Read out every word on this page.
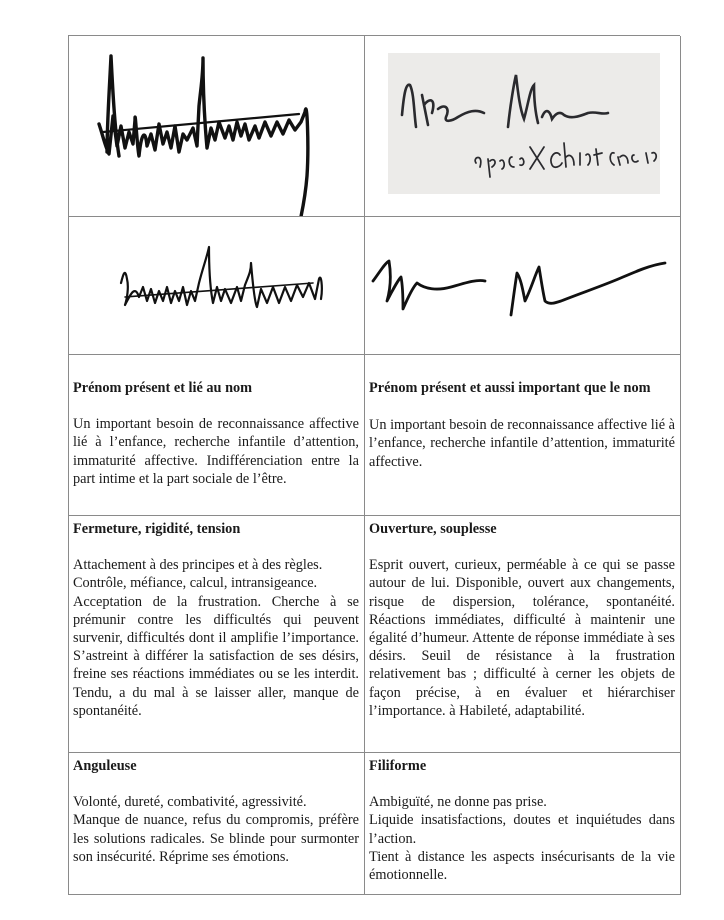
SpaceX Chief Engineer
Prénom présent et lié au nom

Un important besoin de reconnaissance affective lié à l’enfance, recherche infantile d’attention, immaturité affective. Indifférenciation entre la part intime et la part sociale de l’être.

Prénom présent et aussi important que le nom

Un important besoin de reconnaissance affective lié à l’enfance, recherche infantile d’attention, immaturité affective.

Fermeture, rigidité, tension

Attachement à des principes et à des règles.

Contrôle, méfiance, calcul, intransigeance.

Acceptation de la frustration. Cherche à se prémunir contre les difficultés qui peuvent survenir, difficultés dont il amplifie l’importance. S’astreint à différer la satisfaction de ses désirs, freine ses réactions immédiates ou se les interdit. Tendu, a du mal à se laisser aller, manque de spontanéité.

Ouverture, souplesse

Esprit ouvert, curieux, perméable à ce qui se passe autour de lui. Disponible, ouvert aux changements, risque de dispersion, tolérance, spontanéité. Réactions immédiates, difficulté à maintenir une égalité d’humeur. Attente de réponse immédiate à ses désirs. Seuil de résistance à la frustration relativement bas ; difficulté à cerner les objets de façon précise, à en évaluer et hiérarchiser l’importance. à Habileté, adaptabilité.

Anguleuse

Volonté, dureté, combativité, agressivité.

Manque de nuance, refus du compromis, préfère les solutions radicales. Se blinde pour surmonter son insécurité. Réprime ses émotions.

Filiforme

Ambiguïté, ne donne pas prise.

Liquide insatisfactions, doutes et inquiétudes dans l’action.

Tient à distance les aspects insécurisants de la vie émotionnelle.
